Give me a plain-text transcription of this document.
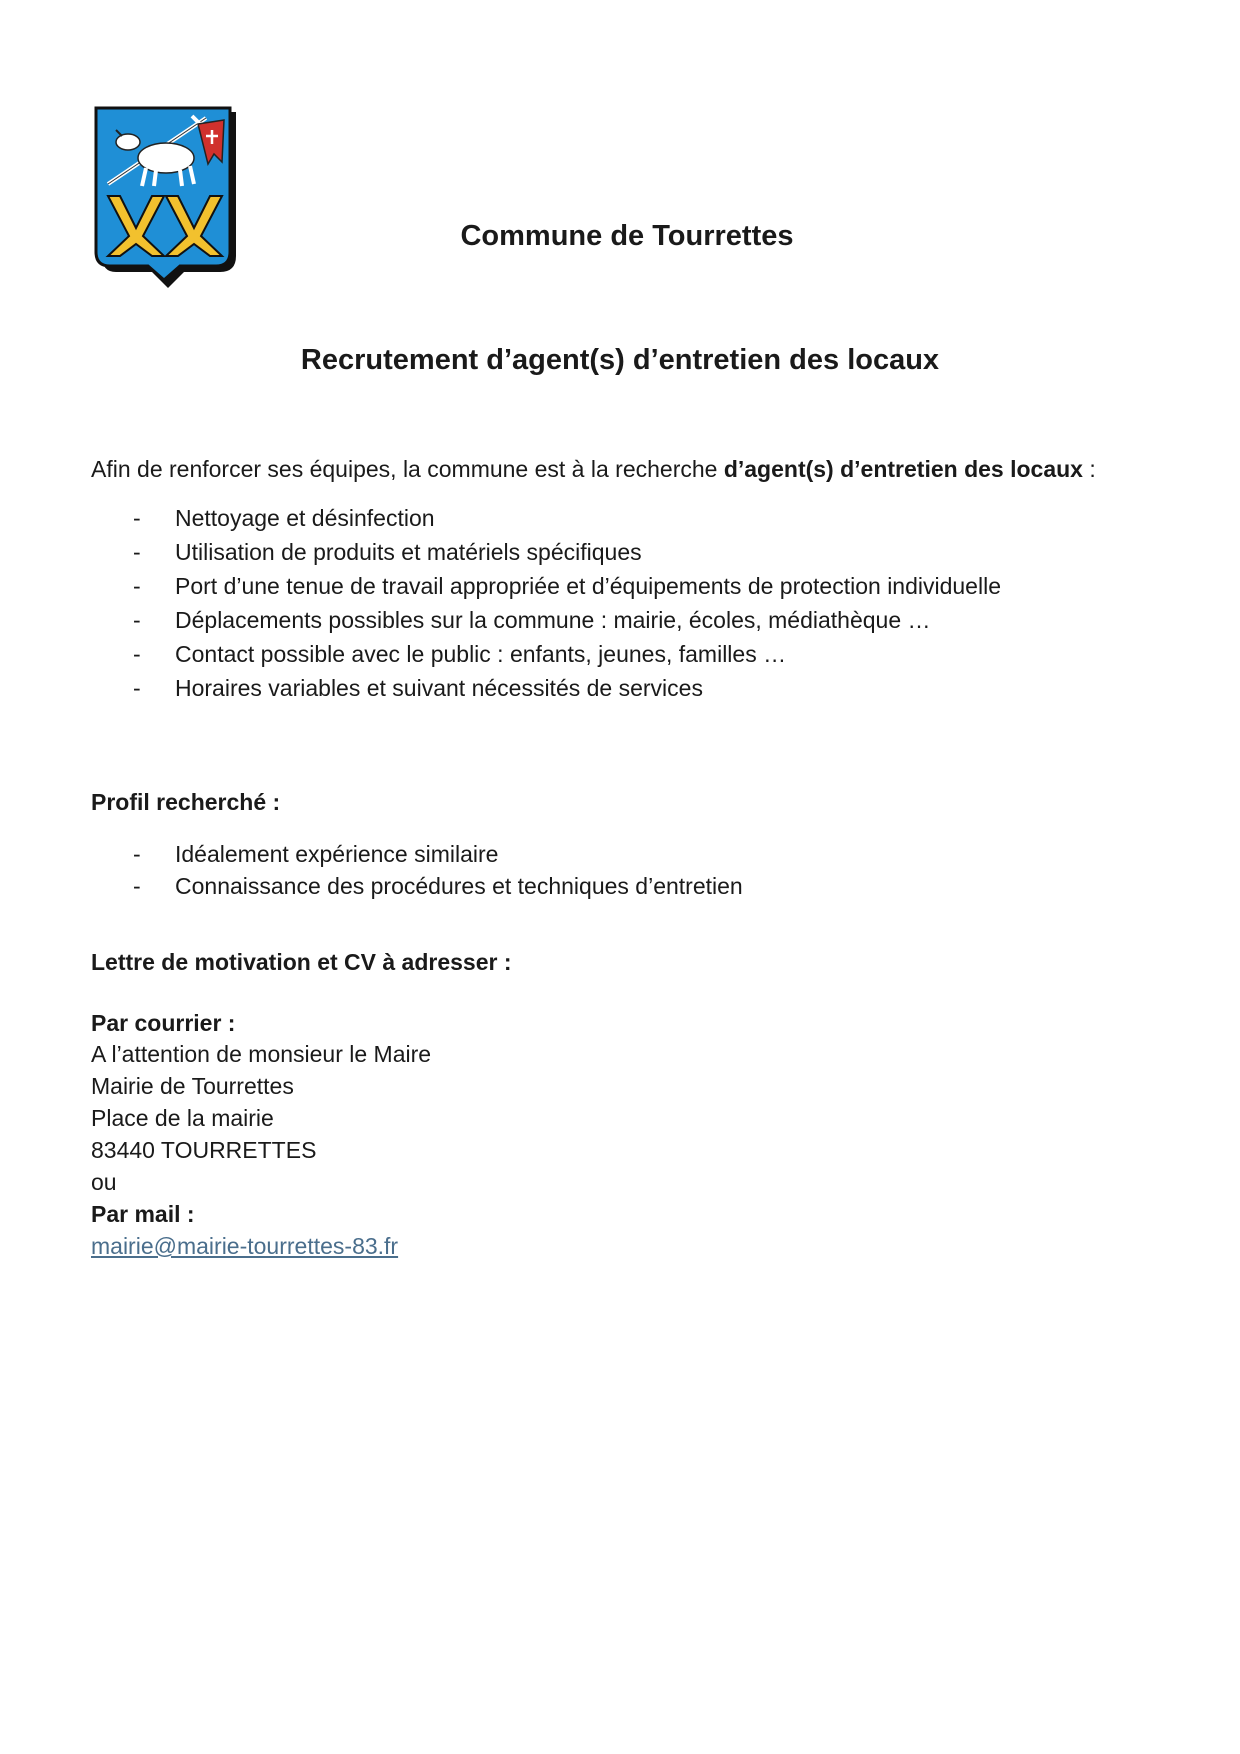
Commune de Tourrettes
Recrutement d’agent(s) d’entretien des locaux

Afin de renforcer ses équipes, la commune est à la recherche d’agent(s) d’entretien des locaux :

- Nettoyage et désinfection
- Utilisation de produits et matériels spécifiques
- Port d’une tenue de travail appropriée et d’équipements de protection individuelle
- Déplacements possibles sur la commune : mairie, écoles, médiathèque …
- Contact possible avec le public : enfants, jeunes, familles …
- Horaires variables et suivant nécessités de services

Profil recherché :

- Idéalement expérience similaire
- Connaissance des procédures et techniques d’entretien

Lettre de motivation et CV à adresser :

Par courrier :

A l’attention de monsieur le Maire

Mairie de Tourrettes

Place de la mairie

83440 TOURRETTES

ou

Par mail :

mairie@mairie-tourrettes-83.fr
